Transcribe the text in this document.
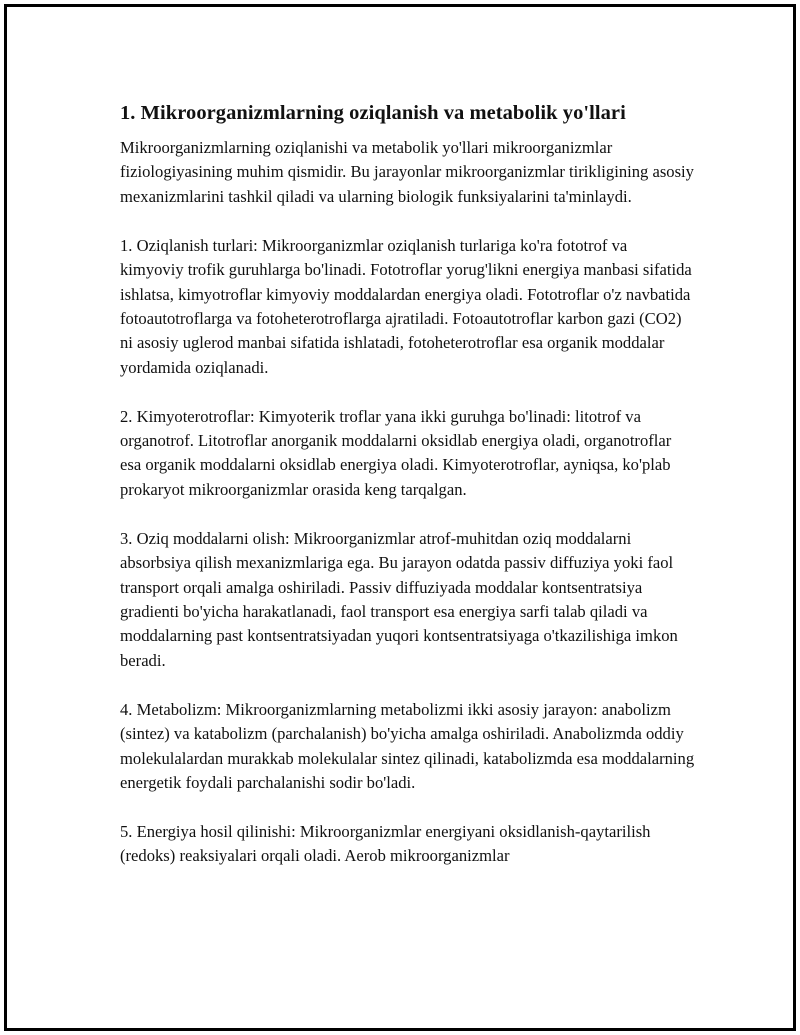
1. Mikroorganizmlarning oziqlanish va metabolik yo'llari

Mikroorganizmlarning oziqlanishi va metabolik yo'llari mikroorganizmlar fiziologiyasining muhim qismidir. Bu jarayonlar mikroorganizmlar tirikligining asosiy mexanizmlarini tashkil qiladi va ularning biologik funksiyalarini ta'minlaydi.

1. Oziqlanish turlari: Mikroorganizmlar oziqlanish turlariga ko'ra fototrof va kimyoviy trofik guruhlarga bo'linadi. Fototroflar yorug'likni energiya manbasi sifatida ishlatsa, kimyotroflar kimyoviy moddalardan energiya oladi. Fototroflar o'z navbatida fotoautotroflarga va fotoheterotroflarga ajratiladi. Fotoautotroflar karbon gazi (CO2) ni asosiy uglerod manbai sifatida ishlatadi, fotoheterotroflar esa organik moddalar yordamida oziqlanadi.

2. Kimyoterotroflar: Kimyoterik troflar yana ikki guruhga bo'linadi: litotrof va organotrof. Litotroflar anorganik moddalarni oksidlab energiya oladi, organotroflar esa organik moddalarni oksidlab energiya oladi. Kimyoterotroflar, ayniqsa, ko'plab prokaryot mikroorganizmlar orasida keng tarqalgan.

3. Oziq moddalarni olish: Mikroorganizmlar atrof-muhitdan oziq moddalarni absorbsiya qilish mexanizmlariga ega. Bu jarayon odatda passiv diffuziya yoki faol transport orqali amalga oshiriladi. Passiv diffuziyada moddalar kontsentratsiya gradienti bo'yicha harakatlanadi, faol transport esa energiya sarfi talab qiladi va moddalarning past kontsentratsiyadan yuqori kontsentratsiyaga o'tkazilishiga imkon beradi.

4. Metabolizm: Mikroorganizmlarning metabolizmi ikki asosiy jarayon: anabolizm (sintez) va katabolizm (parchalanish) bo'yicha amalga oshiriladi. Anabolizmda oddiy molekulalardan murakkab molekulalar sintez qilinadi, katabolizmda esa moddalarning energetik foydali parchalanishi sodir bo'ladi.

5. Energiya hosil qilinishi: Mikroorganizmlar energiyani oksidlanish-qaytarilish (redoks) reaksiyalari orqali oladi. Aerob mikroorganizmlar
